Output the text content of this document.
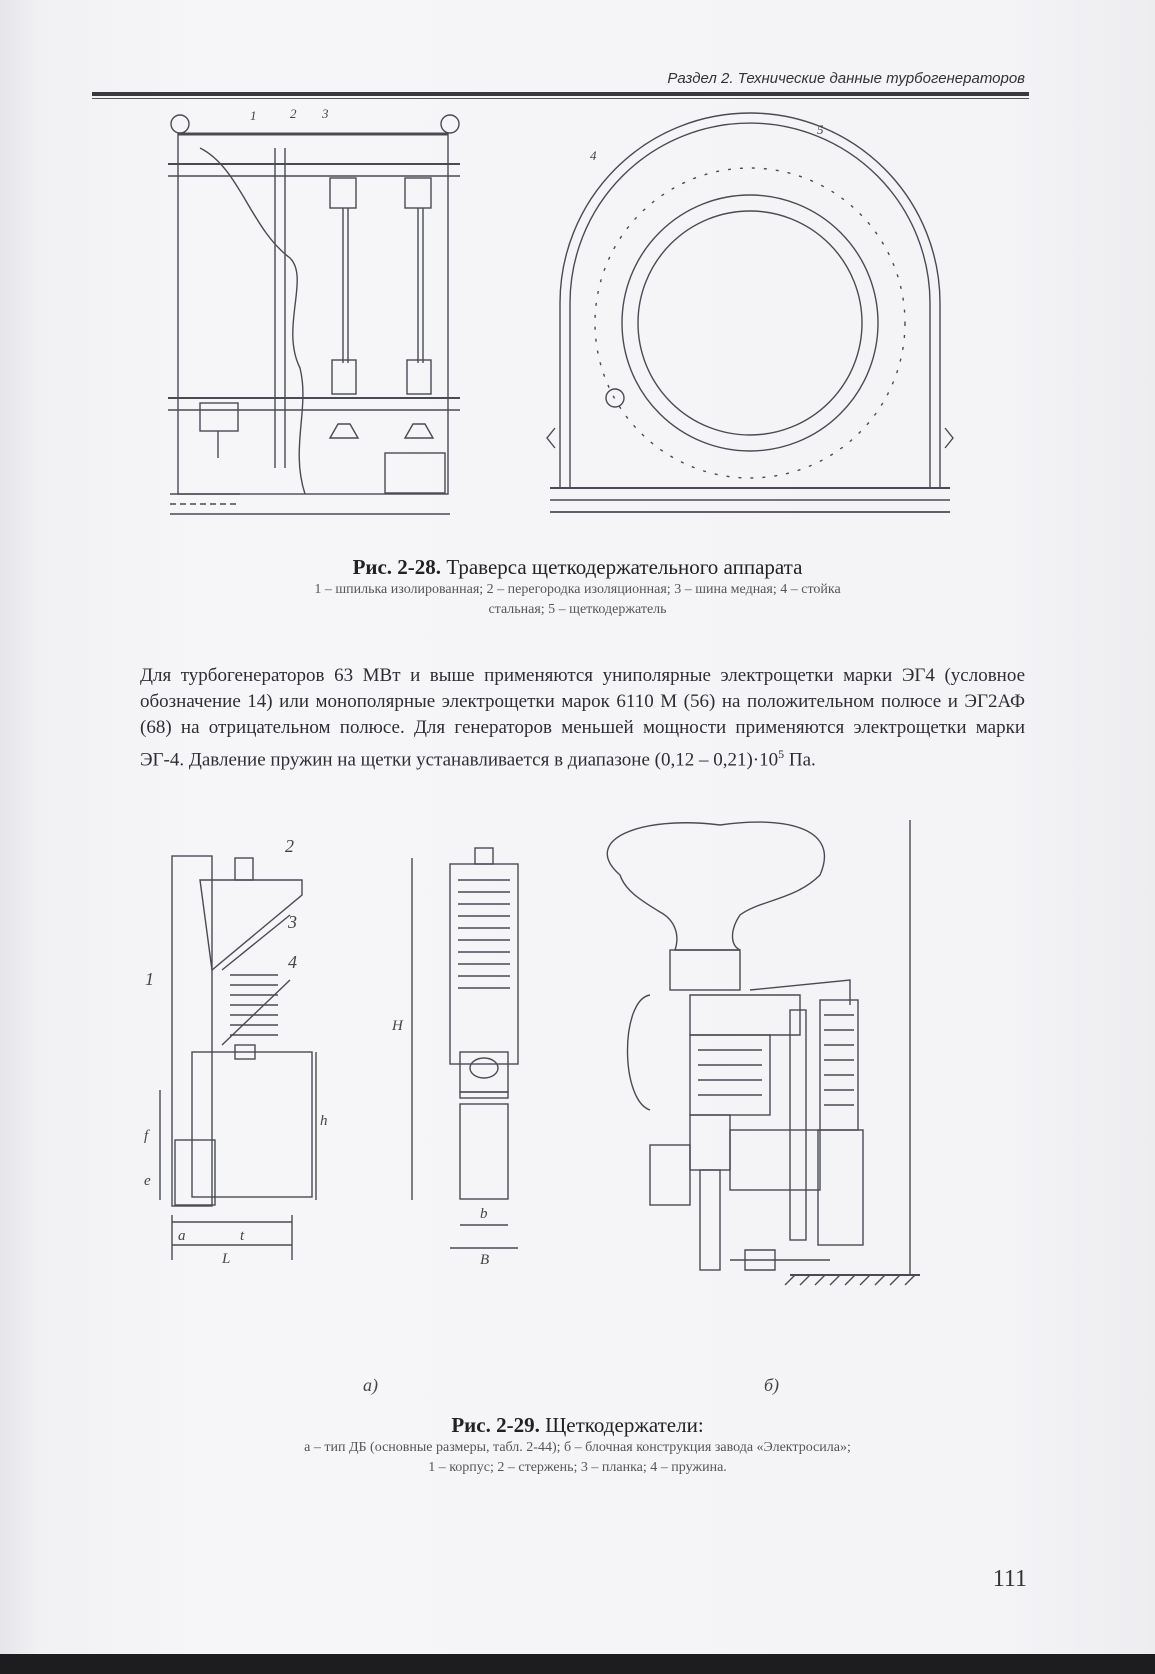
Раздел 2. Технические данные турбогенераторов
1	2 3
4
5
Рис. 2-28. Траверса щеткодержательного аппарата
1 – шпилька изолированная; 2 – перегородка изоляционная; 3 – шина медная; 4 – стойка
стальная; 5 – щеткодержатель

Для турбогенераторов 63 МВт и выше применяются униполярные электрощетки марки ЭГ4 (условное обозначение 14) или монополярные электрощетки марок 6110 М (56) на положительном полюсе и ЭГ2АФ (68) на отрицательном полюсе. Для генераторов меньшей мощности применяются электрощетки марки ЭГ-4. Давление пружин на щетки устанавливается в диапазоне $(0,12 - 0,21)\cdot 10^5$ Па.

2
3
4
1
f
e
a	t
L
h
H
b
B
а)	б)
Рис. 2-29. Щеткодержатели:
а – тип ДБ (основные размеры, табл. 2-44); б – блочная конструкция завода «Электросила»;
1 – корпус; 2 – стержень; 3 – планка; 4 – пружина.
111
